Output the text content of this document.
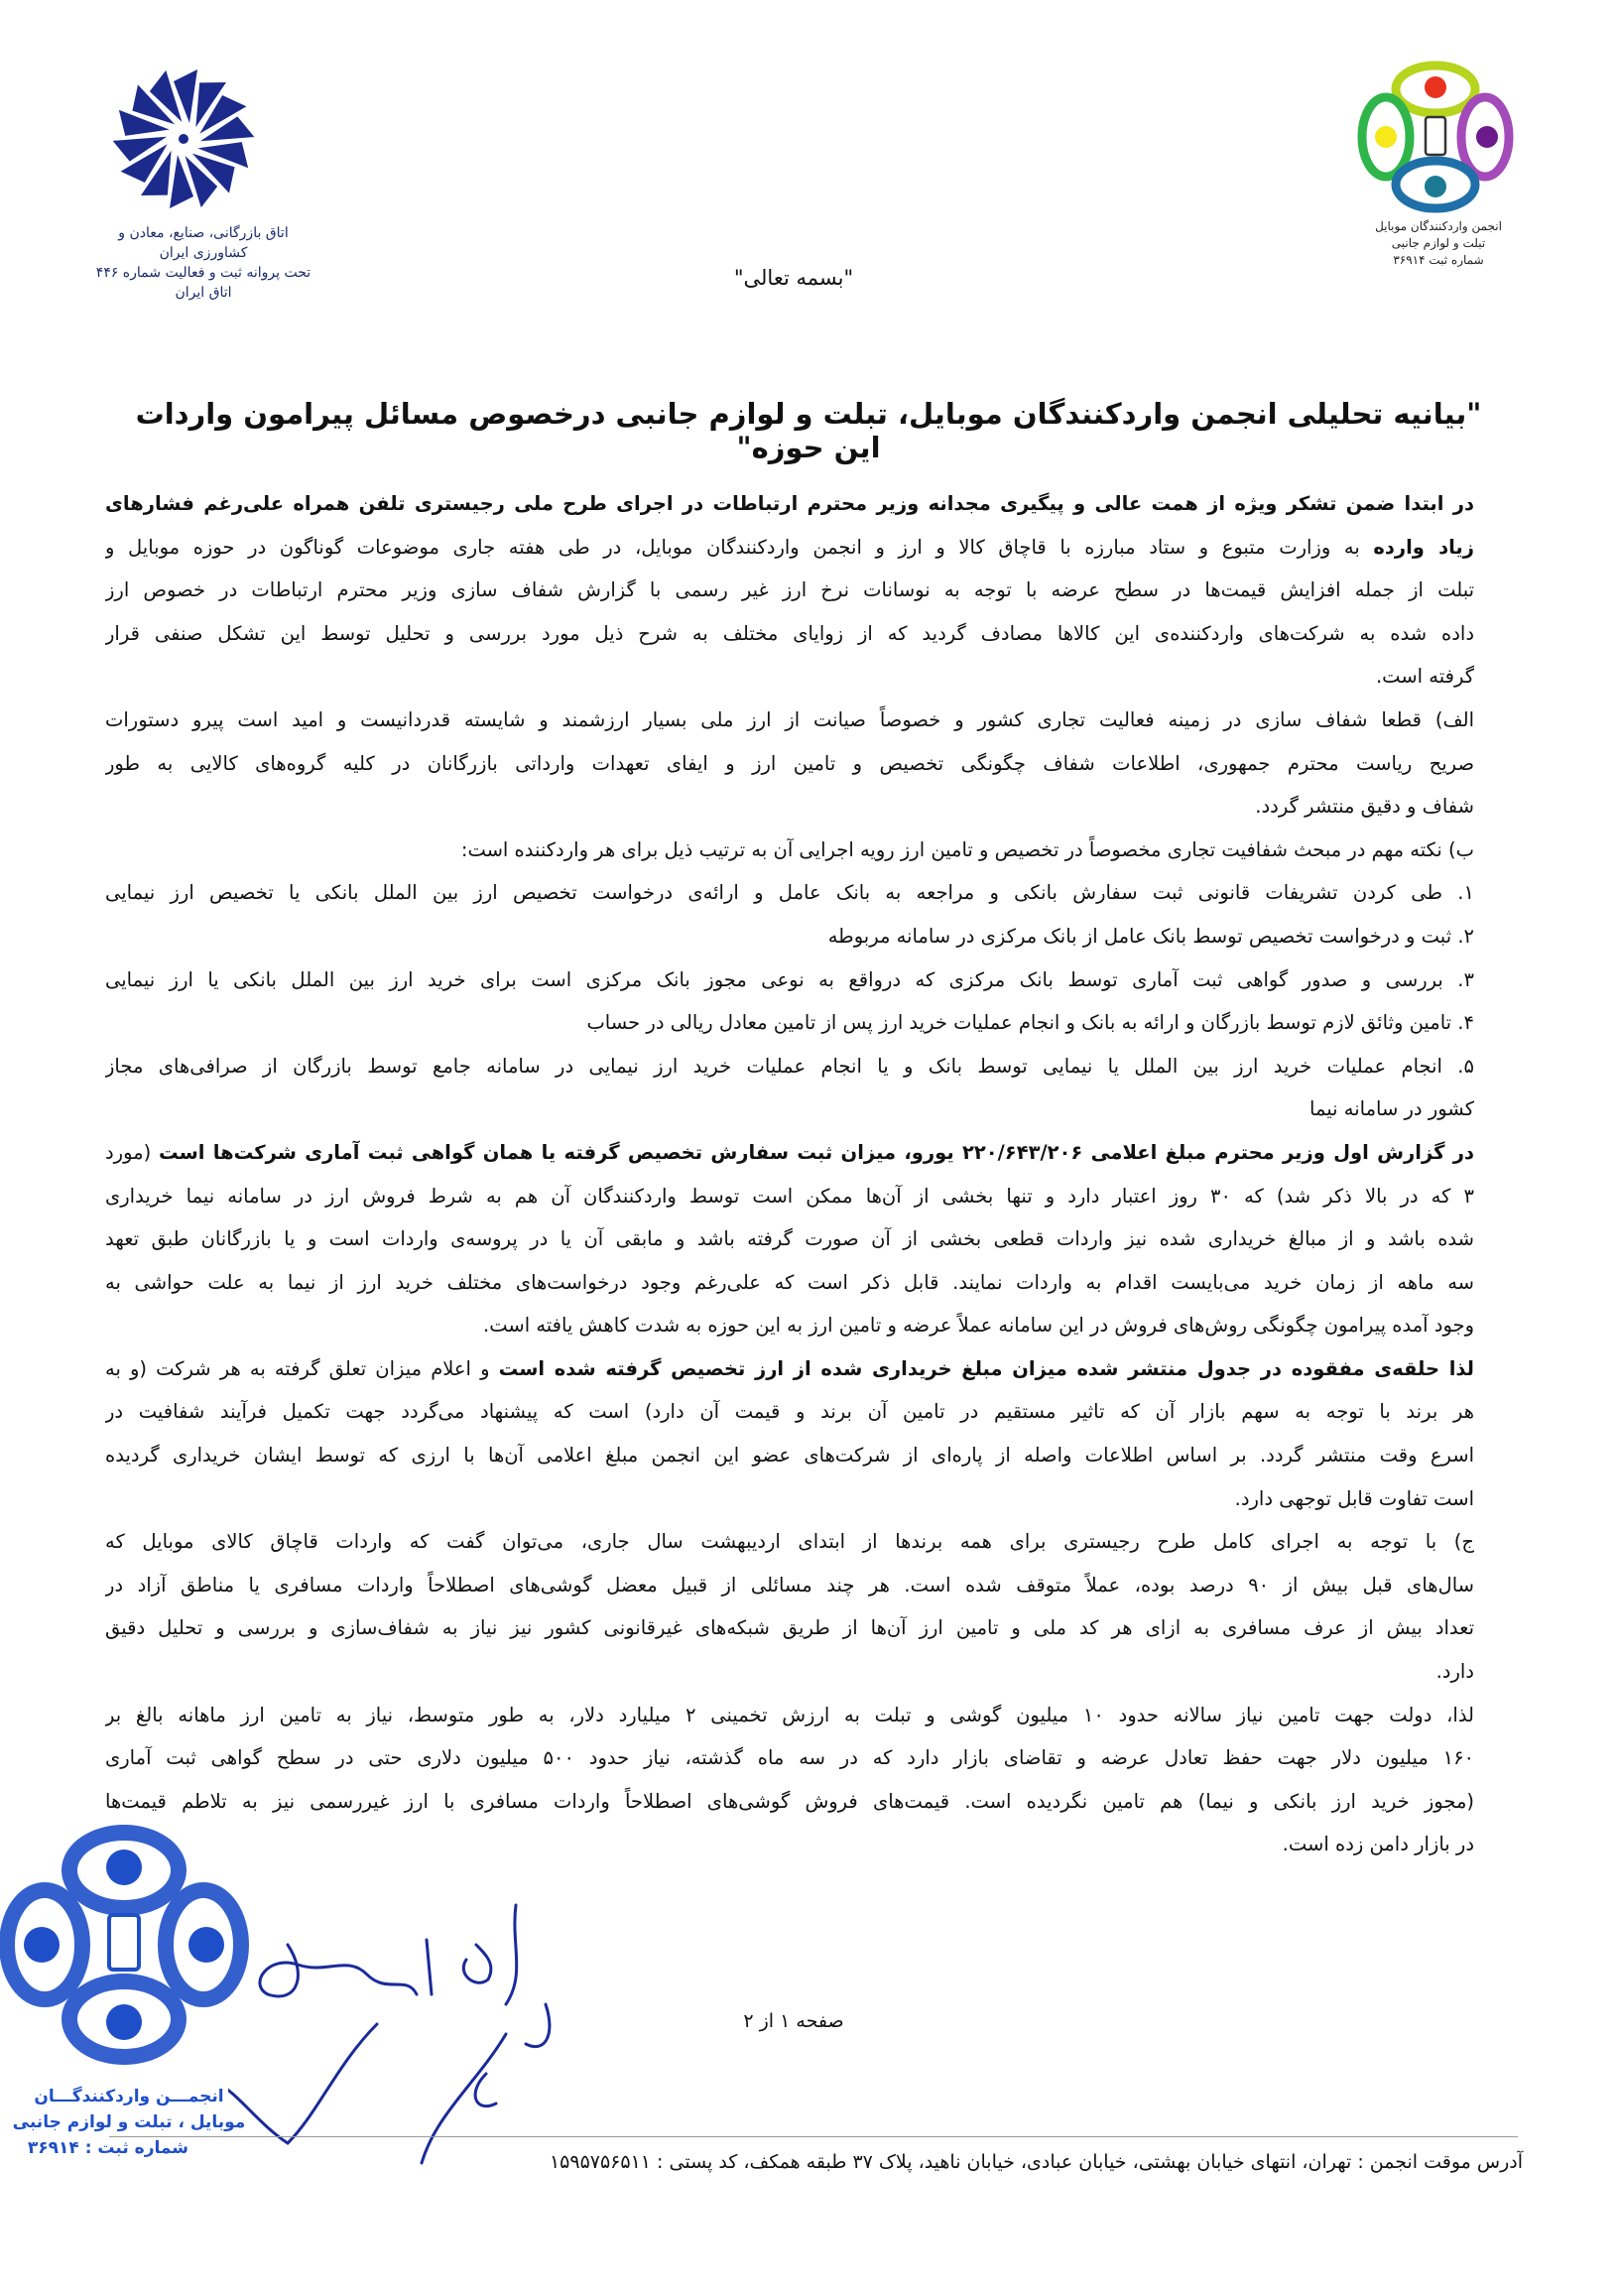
اتاق بازرگانی، صنایع، معادن و کشاورزی ایران
تحت پروانه ثبت و فعالیت شماره ۴۴۶ اتاق ایران
انجمن واردکنندگان موبایل
تبلت و لوازم جانبی
شماره ثبت ۳۶۹۱۴
"بسمه تعالی"
"بیانیه تحلیلی انجمن واردکنندگان موبایل، تبلت و لوازم جانبی درخصوص مسائل پیرامون واردات این حوزه"
در ابتدا ضمن تشکر ویژه از همت عالی و پیگیری مجدانه وزیر محترم ارتباطات در اجرای طرح ملی رجیستری تلفن همراه علی‌رغم فشارهای
زیاد وارده به وزارت متبوع و ستاد مبارزه با قاچاق کالا و ارز و انجمن واردکنندگان موبایل، در طی هفته جاری موضوعات گوناگون در حوزه موبایل و
تبلت از جمله افزایش قیمت‌ها در سطح عرضه با توجه به نوسانات نرخ ارز غیر رسمی با گزارش شفاف سازی وزیر محترم ارتباطات در خصوص ارز
داده شده به شرکت‌های واردکننده‌ی این کالاها مصادف گردید که از زوایای مختلف به شرح ذیل مورد بررسی و تحلیل توسط این تشکل صنفی قرار
گرفته است.
الف) قطعا شفاف سازی در زمینه فعالیت تجاری کشور و خصوصاً صیانت از ارز ملی بسیار ارزشمند و شایسته قدردانیست و امید است پیرو دستورات
صریح ریاست محترم جمهوری، اطلاعات شفاف چگونگی تخصیص و تامین ارز و ایفای تعهدات وارداتی بازرگانان در کلیه گروه‌های کالایی به طور
شفاف و دقیق منتشر گردد.
ب) نکته مهم در مبحث شفافیت تجاری مخصوصاً در تخصیص و تامین ارز رویه اجرایی آن به ترتیب ذیل برای هر واردکننده است:
۱. طی کردن تشریفات قانونی ثبت سفارش بانکی و مراجعه به بانک عامل و ارائه‌ی درخواست تخصیص ارز بین الملل بانکی یا تخصیص ارز نیمایی
۲. ثبت و درخواست تخصیص توسط بانک عامل از بانک مرکزی در سامانه مربوطه
۳. بررسی و صدور گواهی ثبت آماری توسط بانک مرکزی که درواقع به نوعی مجوز بانک مرکزی است برای خرید ارز بین الملل بانکی یا ارز نیمایی
۴. تامین وثائق لازم توسط بازرگان و ارائه به بانک و انجام عملیات خرید ارز پس از تامین معادل ریالی در حساب
۵. انجام عملیات خرید ارز بین الملل یا نیمایی توسط بانک و یا انجام عملیات خرید ارز نیمایی در سامانه جامع توسط بازرگان از صرافی‌های مجاز
کشور در سامانه نیما
در گزارش اول وزیر محترم مبلغ اعلامی ۲۲۰/۶۴۳/۲۰۶ یورو، میزان ثبت سفارش تخصیص گرفته یا همان گواهی ثبت آماری شرکت‌ها است (مورد
۳ که در بالا ذکر شد) که ۳۰ روز اعتبار دارد و تنها بخشی از آن‌ها ممکن است توسط واردکنندگان آن هم به شرط فروش ارز در سامانه نیما خریداری
شده باشد و از مبالغ خریداری شده نیز واردات قطعی بخشی از آن صورت گرفته باشد و مابقی آن یا در پروسه‌ی واردات است و یا بازرگانان طبق تعهد
سه ماهه از زمان خرید می‌بایست اقدام به واردات نمایند. قابل ذکر است که علی‌رغم وجود درخواست‌های مختلف خرید ارز از نیما به علت حواشی به
وجود آمده پیرامون چگونگی روش‌های فروش در این سامانه عملاً عرضه و تامین ارز به این حوزه به شدت کاهش یافته است.
لذا حلقه‌ی مفقوده در جدول منتشر شده میزان مبلغ خریداری شده از ارز تخصیص گرفته شده است و اعلام میزان تعلق گرفته به هر شرکت (و به
هر برند با توجه به سهم بازار آن که تاثیر مستقیم در تامین آن برند و قیمت آن دارد) است که پیشنهاد می‌گردد جهت تکمیل فرآیند شفافیت در
اسرع وقت منتشر گردد. بر اساس اطلاعات واصله از پاره‌ای از شرکت‌های عضو این انجمن مبلغ اعلامی آن‌ها با ارزی که توسط ایشان خریداری گردیده
است تفاوت قابل توجهی دارد.
ج) با توجه به اجرای کامل طرح رجیستری برای همه برندها از ابتدای اردیبهشت سال جاری، می‌توان گفت که واردات قاچاق کالای موبایل که
سال‌های قبل بیش از ۹۰ درصد بوده، عملاً متوقف شده است. هر چند مسائلی از قبیل معضل گوشی‌های اصطلاحاً واردات مسافری یا مناطق آزاد در
تعداد بیش از عرف مسافری به ازای هر کد ملی و تامین ارز آن‌ها از طریق شبکه‌های غیرقانونی کشور نیز نیاز به شفاف‌سازی و بررسی و تحلیل دقیق
دارد.
لذا، دولت جهت تامین نیاز سالانه حدود ۱۰ میلیون گوشی و تبلت به ارزش تخمینی ۲ میلیارد دلار، به طور متوسط، نیاز به تامین ارز ماهانه بالغ بر
۱۶۰ میلیون دلار جهت حفظ تعادل عرضه و تقاضای بازار دارد که در سه ماه گذشته، نیاز حدود ۵۰۰ میلیون دلاری حتی در سطح گواهی ثبت آماری
(مجوز خرید ارز بانکی و نیما) هم تامین نگردیده است. قیمت‌های فروش گوشی‌های اصطلاحاً واردات مسافری با ارز غیررسمی نیز به تلاطم قیمت‌ها
در بازار دامن زده است.
انجمـــن واردکنندگـــان
موبایل ، تبلت و لوازم جانبی
شماره ثبت : ۳۶۹۱۴
صفحه ۱ از ۲
آدرس موقت انجمن : تهران، انتهای خیابان بهشتی، خیابان عبادی، خیابان ناهید، پلاک ۳۷ طبقه همکف، کد پستی : ۱۵۹۵۷۵۶۵۱۱
